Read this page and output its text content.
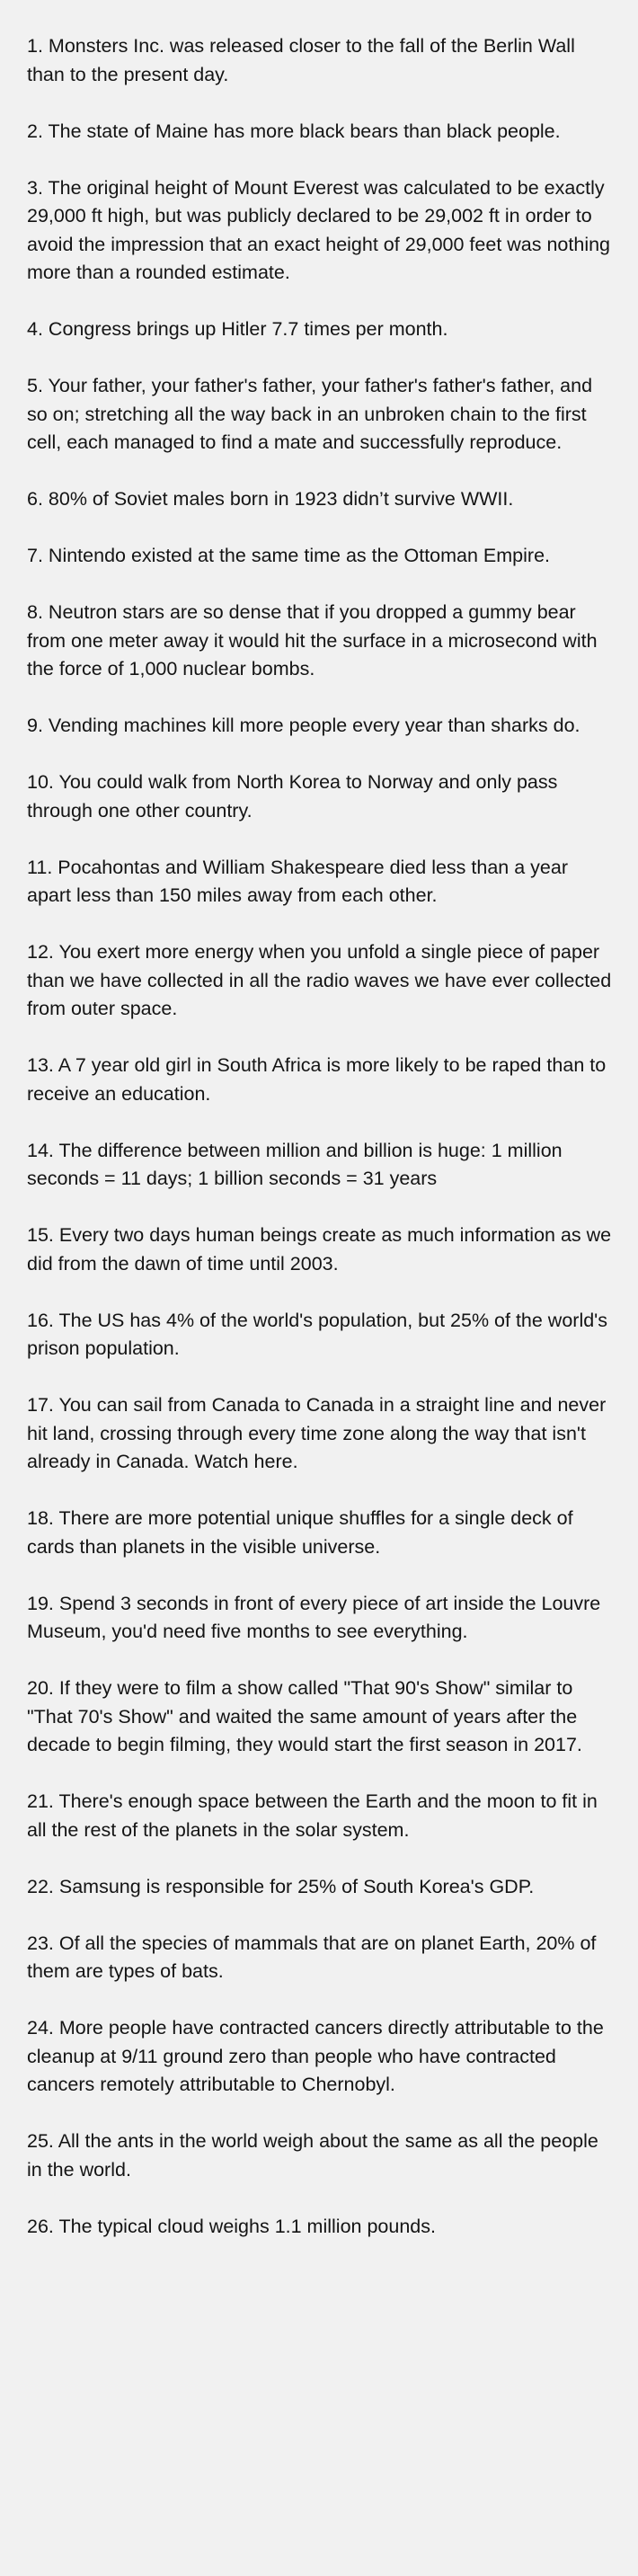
1. Monsters Inc. was released closer to the fall of the Berlin Wall than to the present day.

2. The state of Maine has more black bears than black people.

3. The original height of Mount Everest was calculated to be exactly 29,000 ft high, but was publicly declared to be 29,002 ft in order to avoid the impression that an exact height of 29,000 feet was nothing more than a rounded estimate.

4. Congress brings up Hitler 7.7 times per month.

5. Your father, your father's father, your father's father's father, and so on; stretching all the way back in an unbroken chain to the first cell, each managed to find a mate and successfully reproduce.

6. 80% of Soviet males born in 1923 didn’t survive WWII.

7. Nintendo existed at the same time as the Ottoman Empire.

8. Neutron stars are so dense that if you dropped a gummy bear from one meter away it would hit the surface in a microsecond with the force of 1,000 nuclear bombs.

9. Vending machines kill more people every year than sharks do.

10. You could walk from North Korea to Norway and only pass through one other country.

11. Pocahontas and William Shakespeare died less than a year apart less than 150 miles away from each other.

12. You exert more energy when you unfold a single piece of paper than we have collected in all the radio waves we have ever collected from outer space.

13. A 7 year old girl in South Africa is more likely to be raped than to receive an education.

14. The difference between million and billion is huge: 1 million seconds = 11 days; 1 billion seconds = 31 years

15. Every two days human beings create as much information as we did from the dawn of time until 2003.

16. The US has 4% of the world's population, but 25% of the world's prison population.

17. You can sail from Canada to Canada in a straight line and never hit land, crossing through every time zone along the way that isn't already in Canada. Watch here.

18. There are more potential unique shuffles for a single deck of cards than planets in the visible universe.

19. Spend 3 seconds in front of every piece of art inside the Louvre Museum, you'd need five months to see everything.

20. If they were to film a show called "That 90's Show" similar to "That 70's Show" and waited the same amount of years after the decade to begin filming, they would start the first season in 2017.

21. There's enough space between the Earth and the moon to fit in all the rest of the planets in the solar system.

22. Samsung is responsible for 25% of South Korea's GDP.

23. Of all the species of mammals that are on planet Earth, 20% of them are types of bats.

24. More people have contracted cancers directly attributable to the cleanup at 9/11 ground zero than people who have contracted cancers remotely attributable to Chernobyl.

25. All the ants in the world weigh about the same as all the people in the world.

26. The typical cloud weighs 1.1 million pounds.
